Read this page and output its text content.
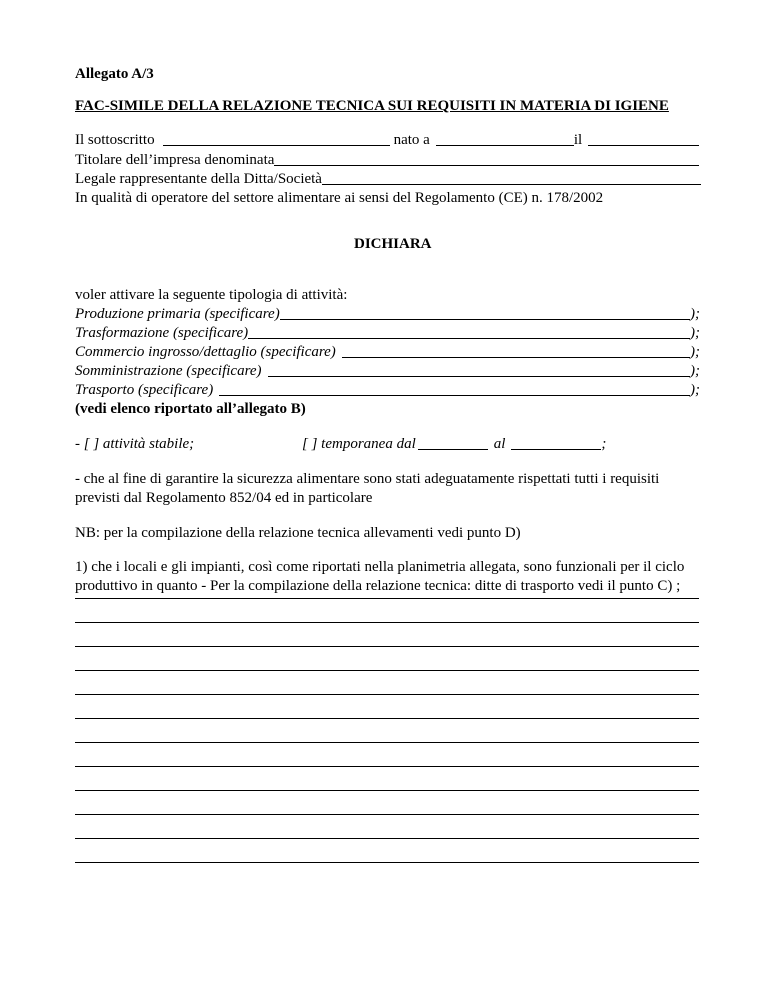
Allegato A/3
FAC-SIMILE DELLA RELAZIONE TECNICA SUI REQUISITI IN MATERIA DI IGIENE
Il sottoscritto	nato a	il
Titolare dell’impresa denominata
Legale rappresentante della Ditta/Società
In qualità di operatore del settore alimentare ai sensi del Regolamento (CE) n. 178/2002
DICHIARA
voler attivare la seguente tipologia di attività:
Produzione primaria (specificare)	);
Trasformazione (specificare)	);
Commercio ingrosso/dettaglio (specificare)	);
Somministrazione (specificare)	);
Trasporto (specificare)	);
(vedi elenco riportato all’allegato B)
- [ ] attività stabile;	[ ] temporanea dal	al	;
- che al fine di garantire la sicurezza alimentare sono stati adeguatamente rispettati tutti i requisiti
previsti dal Regolamento 852/04 ed in particolare
NB: per la compilazione della relazione tecnica allevamenti vedi punto D)
1) che i locali e gli impianti, così come riportati nella planimetria allegata, sono funzionali per il ciclo
produttivo in quanto - Per la compilazione della relazione tecnica: ditte di trasporto vedi il punto C) ;
